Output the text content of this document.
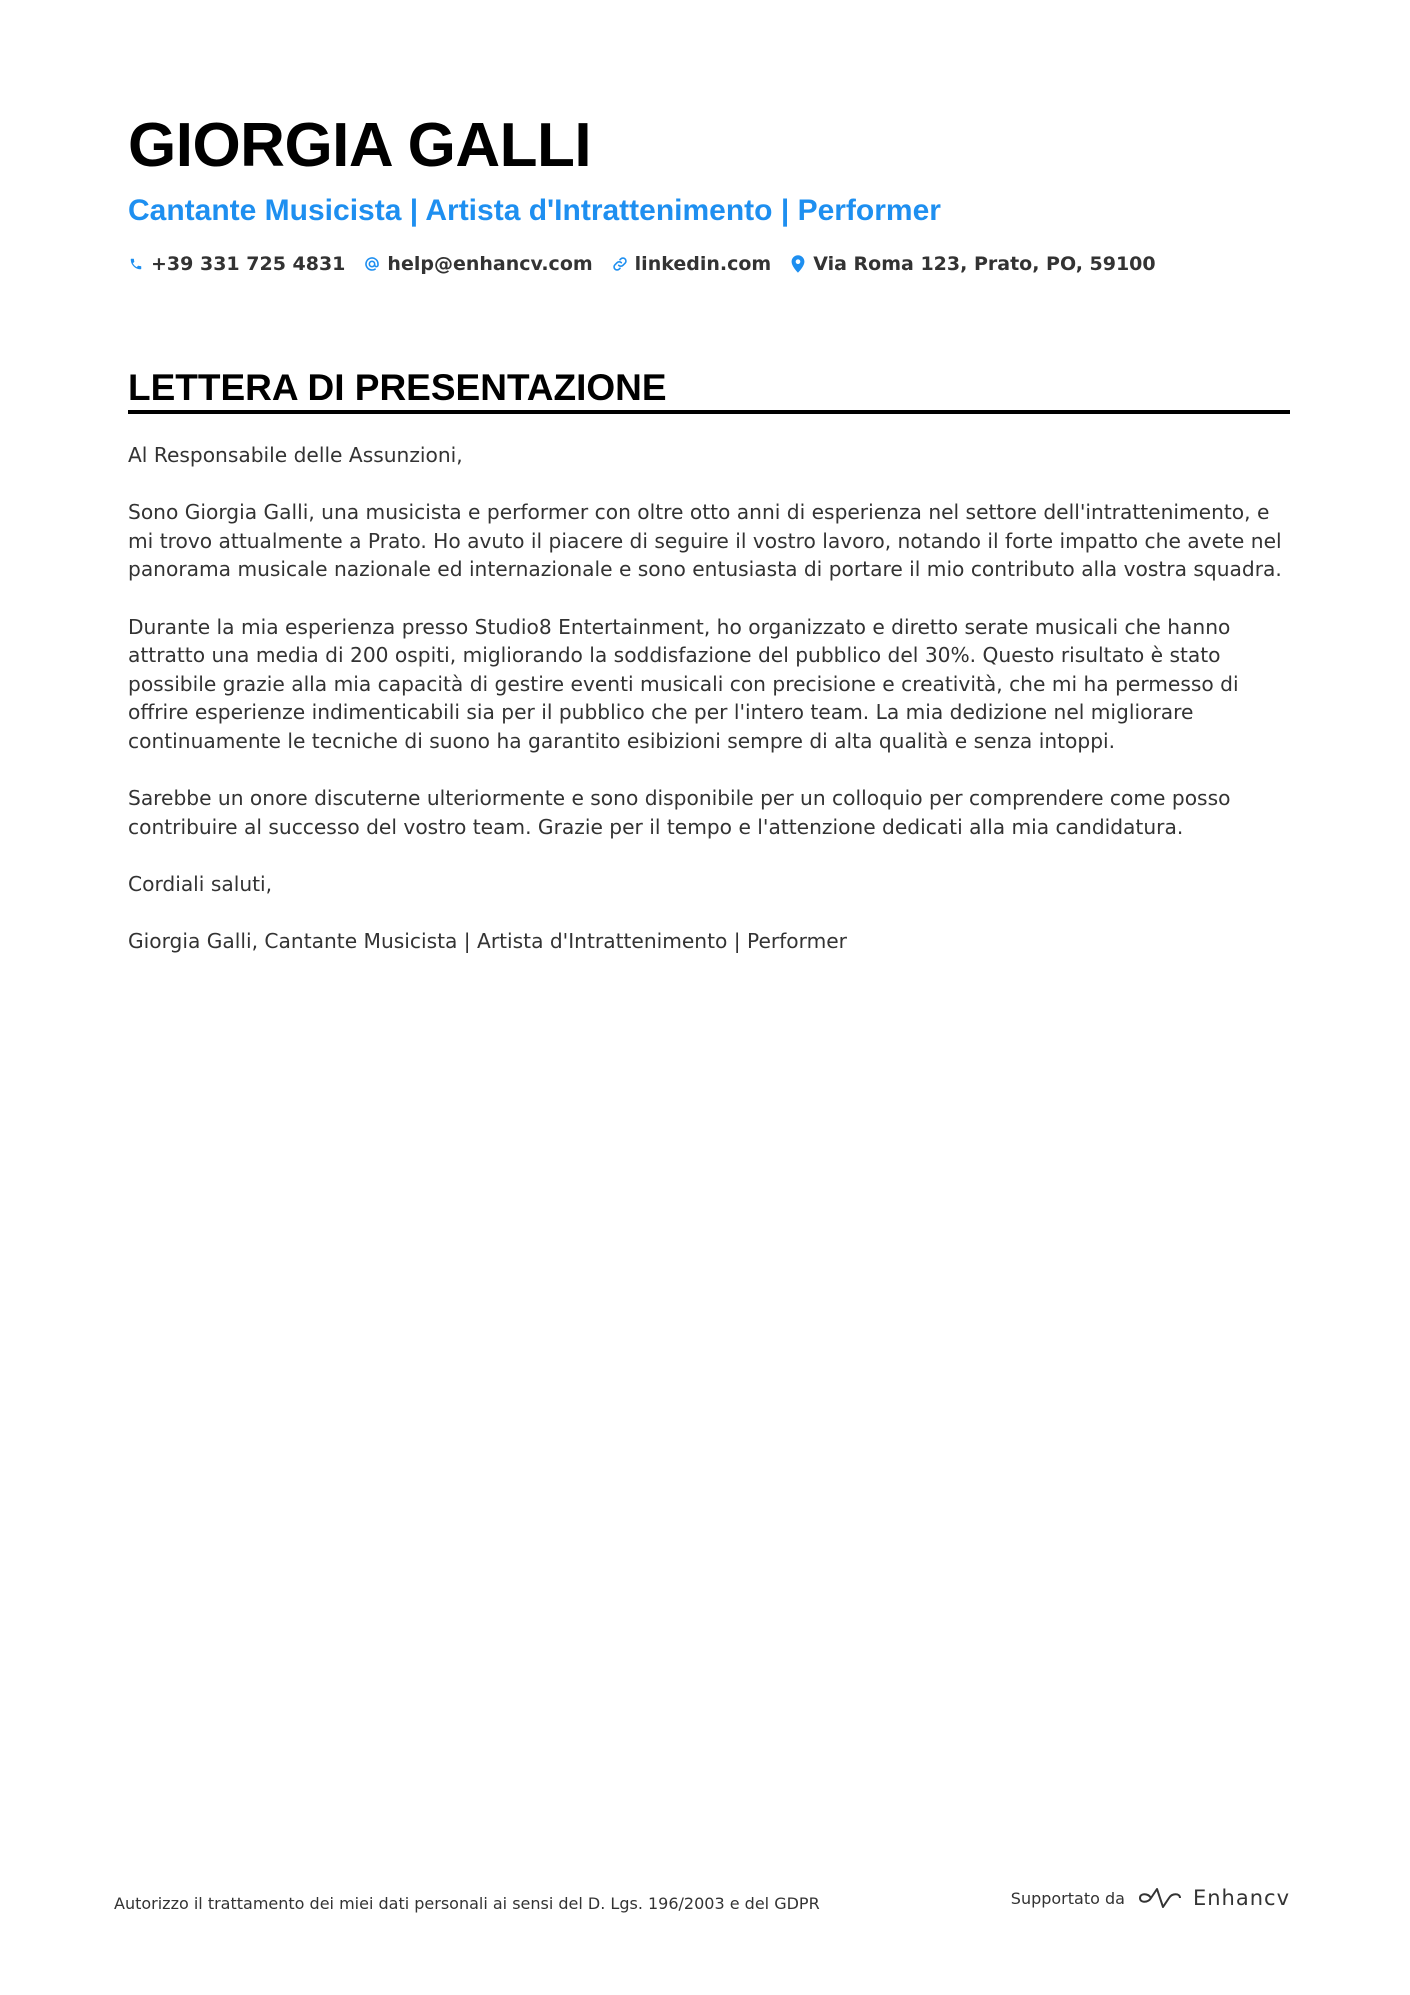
GIORGIA GALLI
Cantante Musicista | Artista d'Intrattenimento | Performer
+39 331 725 4831 help@enhancv.com linkedin.com Via Roma 123, Prato, PO, 59100
LETTERA DI PRESENTAZIONE

Al Responsabile delle Assunzioni,

Sono Giorgia Galli, una musicista e performer con oltre otto anni di esperienza nel settore dell'intrattenimento, e mi trovo attualmente a Prato. Ho avuto il piacere di seguire il vostro lavoro, notando il forte impatto che avete nel panorama musicale nazionale ed internazionale e sono entusiasta di portare il mio contributo alla vostra squadra.

Durante la mia esperienza presso Studio8 Entertainment, ho organizzato e diretto serate musicali che hanno attratto una media di 200 ospiti, migliorando la soddisfazione del pubblico del 30%. Questo risultato è stato possibile grazie alla mia capacità di gestire eventi musicali con precisione e creatività, che mi ha permesso di offrire esperienze indimenticabili sia per il pubblico che per l'intero team. La mia dedizione nel migliorare continuamente le tecniche di suono ha garantito esibizioni sempre di alta qualità e senza intoppi.

Sarebbe un onore discuterne ulteriormente e sono disponibile per un colloquio per comprendere come posso contribuire al successo del vostro team. Grazie per il tempo e l'attenzione dedicati alla mia candidatura.

Cordiali saluti,

Giorgia Galli, Cantante Musicista | Artista d'Intrattenimento | Performer

Autorizzo il trattamento dei miei dati personali ai sensi del D. Lgs. 196/2003 e del GDPR	Supportato da	Enhancv
